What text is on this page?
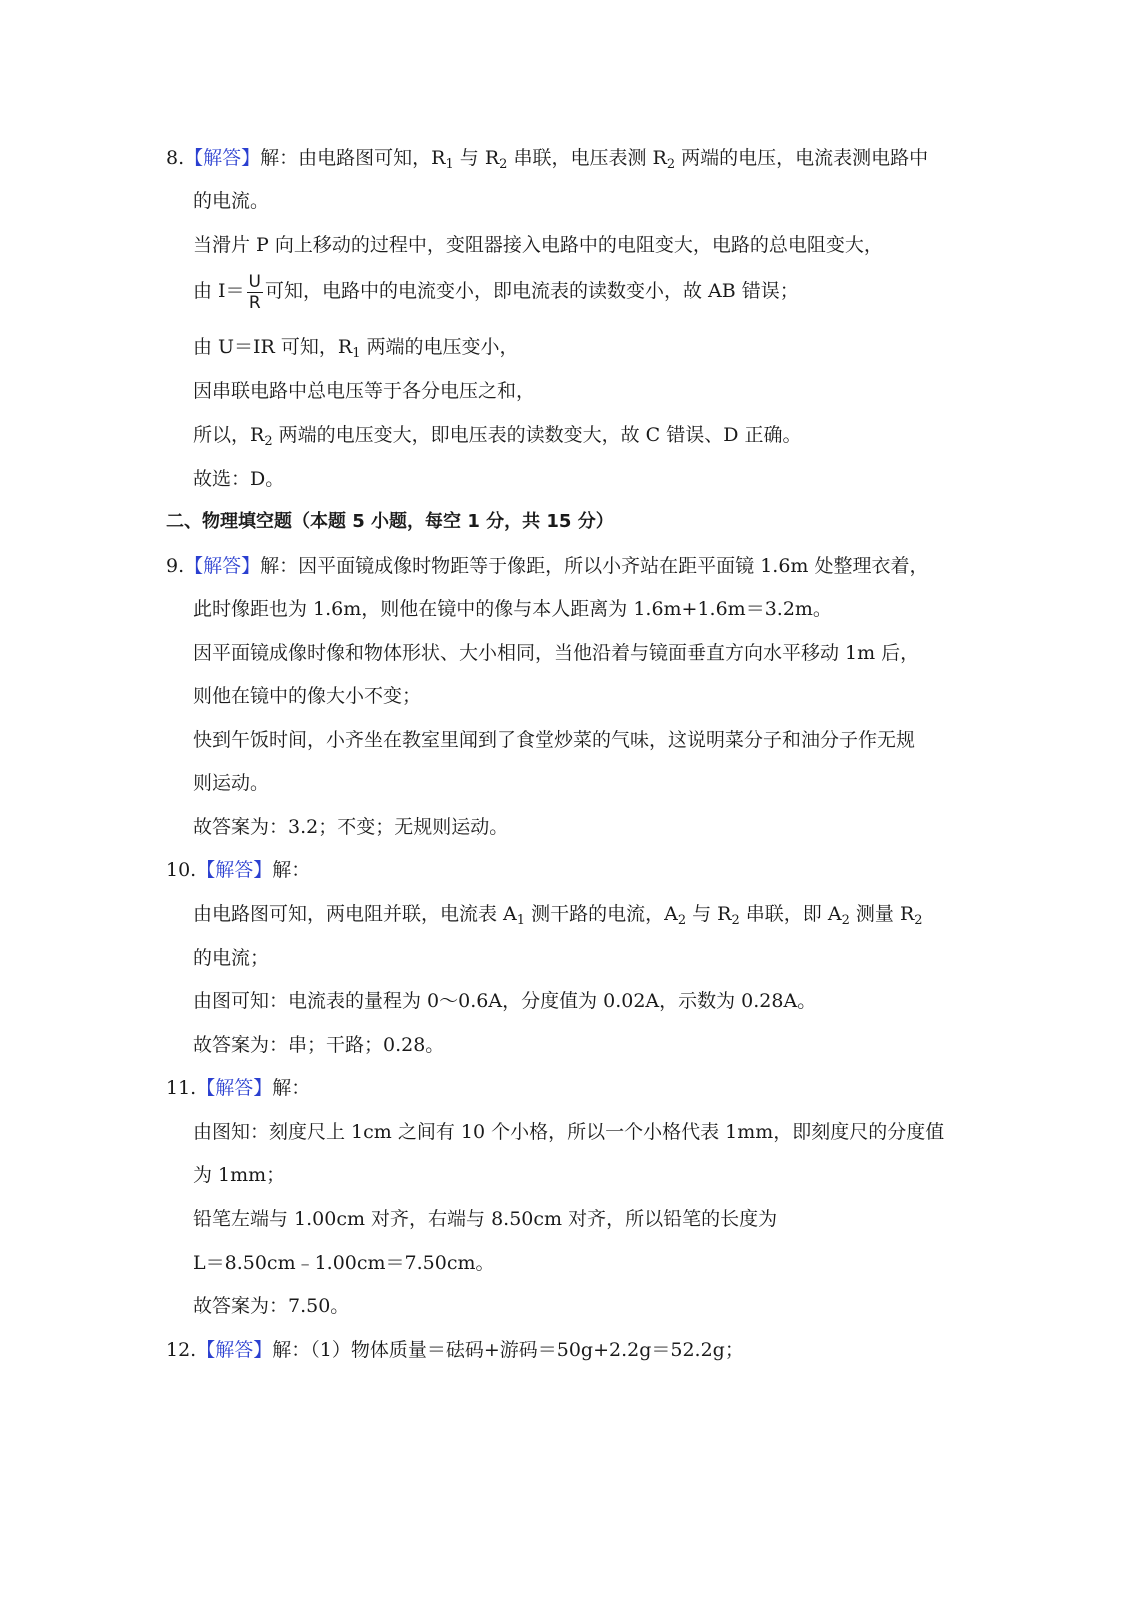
8.【解答】解：由电路图可知，$R_1$ 与 $R_2$ 串联，电压表测 $R_2$ 两端的电压，电流表测电路中
的电流。
当滑片 P 向上移动的过程中，变阻器接入电路中的电阻变大，电路的总电阻变大，
由 $I= \frac{U}{R}$ 可知，电路中的电流变小，即电流表的读数变小，故 AB 错误；
由 U＝IR 可知，$R_1$ 两端的电压变小，
因串联电路中总电压等于各分电压之和，
所以，$R_2$ 两端的电压变大，即电压表的读数变大，故 C 错误、D 正确。
故选：D。
二、物理填空题（本题 5 小题，每空 1 分，共 15 分）
9.【解答】解：因平面镜成像时物距等于像距，所以小齐站在距平面镜 1.6m 处整理衣着，
此时像距也为 1.6m，则他在镜中的像与本人距离为 1.6m+1.6m＝3.2m。
因平面镜成像时像和物体形状、大小相同，当他沿着与镜面垂直方向水平移动 1m 后，
则他在镜中的像大小不变；
快到午饭时间，小齐坐在教室里闻到了食堂炒菜的气味，这说明菜分子和油分子作无规
则运动。
故答案为：3.2；不变；无规则运动。
10.【解答】解：
由电路图可知，两电阻并联，电流表 $A_1$ 测干路的电流，$A_2$ 与 $R_2$ 串联，即 $A_2$ 测量 $R_2$
的电流；
由图可知：电流表的量程为 0～0.6A，分度值为 0.02A，示数为 0.28A。
故答案为：串；干路；0.28。
11.【解答】解：
由图知：刻度尺上 1cm 之间有 10 个小格，所以一个小格代表 1mm，即刻度尺的分度值
为 1mm；
铅笔左端与 1.00cm 对齐，右端与 8.50cm 对齐，所以铅笔的长度为
L＝8.50cm﹣1.00cm＝7.50cm。
故答案为：7.50。
12.【解答】解：（1）物体质量＝砝码+游码＝50g+2.2g＝52.2g；
